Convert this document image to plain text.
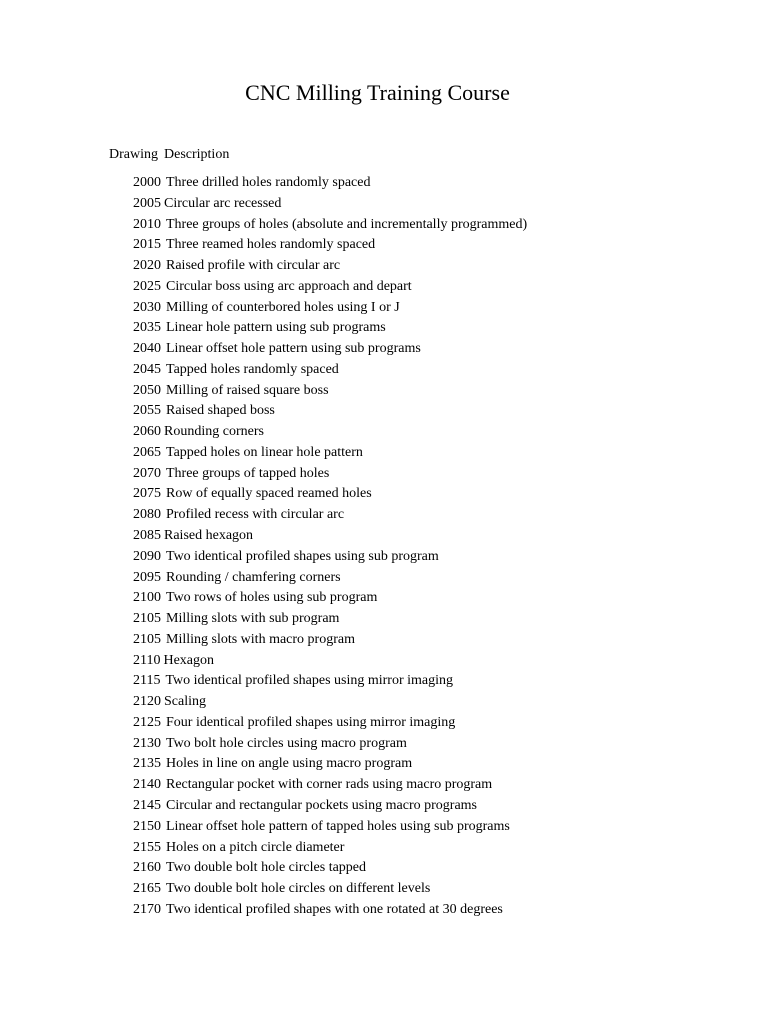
CNC Milling Training Course
Drawing Description
2000 Three drilled holes randomly spaced
2005 Circular arc recessed
2010 Three groups of holes (absolute and incrementally programmed)
2015 Three reamed holes randomly spaced
2020 Raised profile with circular arc
2025 Circular boss using arc approach and depart
2030 Milling of counterbored holes using I or J
2035 Linear hole pattern using sub programs
2040 Linear offset hole pattern using sub programs
2045 Tapped holes randomly spaced
2050 Milling of raised square boss
2055 Raised shaped boss
2060 Rounding corners
2065 Tapped holes on linear hole pattern
2070 Three groups of tapped holes
2075 Row of equally spaced reamed holes
2080 Profiled recess with circular arc
2085 Raised hexagon
2090 Two identical profiled shapes using sub program
2095 Rounding / chamfering corners
2100 Two rows of holes using sub program
2105 Milling slots with sub program
2105 Milling slots with macro program
2110 Hexagon
2115 Two identical profiled shapes using mirror imaging
2120 Scaling
2125 Four identical profiled shapes using mirror imaging
2130 Two bolt hole circles using macro program
2135 Holes in line on angle using macro program
2140 Rectangular pocket with corner rads using macro program
2145 Circular and rectangular pockets using macro programs
2150 Linear offset hole pattern of tapped holes using sub programs
2155 Holes on a pitch circle diameter
2160 Two double bolt hole circles tapped
2165 Two double bolt hole circles on different levels
2170 Two identical profiled shapes with one rotated at 30 degrees
